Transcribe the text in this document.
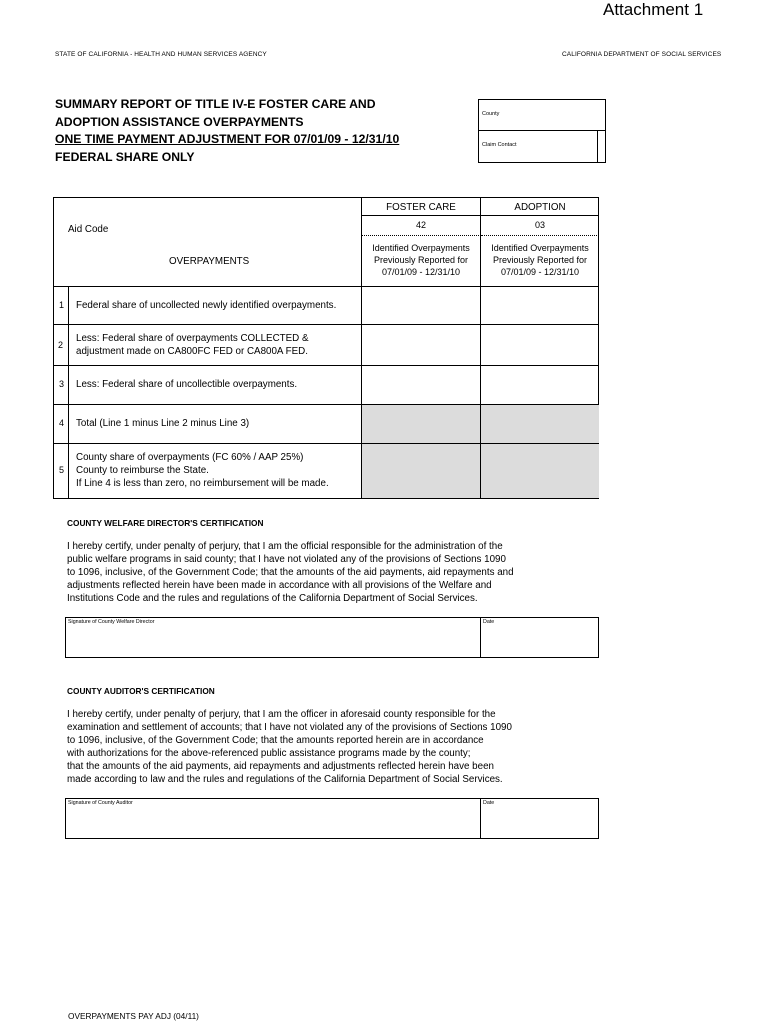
Attachment 1
STATE OF CALIFORNIA - HEALTH AND HUMAN SERVICES AGENCY	CALIFORNIA DEPARTMENT OF SOCIAL SERVICES
SUMMARY REPORT OF TITLE IV-E FOSTER CARE AND
ADOPTION ASSISTANCE OVERPAYMENTS
ONE TIME PAYMENT ADJUSTMENT FOR 07/01/09 - 12/31/10
FEDERAL SHARE ONLY
County
Claim Contact
FOSTER CARE	ADOPTION
42	03
Aid Code
Identified Overpayments
Previously Reported for
07/01/09 - 12/31/10
Identified Overpayments
Previously Reported for
07/01/09 - 12/31/10
OVERPAYMENTS
1 Federal share of uncollected newly identified overpayments.
2
Less: Federal share of overpayments COLLECTED &
adjustment made on CA800FC FED or CA800A FED.
3 Less: Federal share of uncollectible overpayments.
4 Total (Line 1 minus Line 2 minus Line 3)
5
County share of overpayments (FC 60% / AAP 25%)
County to reimburse the State.
If Line 4 is less than zero, no reimbursement will be made.
COUNTY WELFARE DIRECTOR'S CERTIFICATION
I hereby certify, under penalty of perjury, that I am the official responsible for the administration of the
public welfare programs in said county; that I have not violated any of the provisions of Sections 1090
to 1096, inclusive, of the Government Code; that the amounts of the aid payments, aid repayments and
adjustments reflected herein have been made in accordance with all provisions of the Welfare and
Institutions Code and the rules and regulations of the California Department of Social Services.
Signature of County Welfare Director	Date
COUNTY AUDITOR'S CERTIFICATION
I hereby certify, under penalty of perjury, that I am the officer in aforesaid county responsible for the
examination and settlement of accounts; that I have not violated any of the provisions of Sections 1090
to 1096, inclusive, of the Government Code; that the amounts reported herein are in accordance
with authorizations for the above-referenced public assistance programs made by the county;
that the amounts of the aid payments, aid repayments and adjustments reflected herein have been
made according to law and the rules and regulations of the California Department of Social Services.
Signature of County Auditor	Date
OVERPAYMENTS PAY ADJ (04/11)
